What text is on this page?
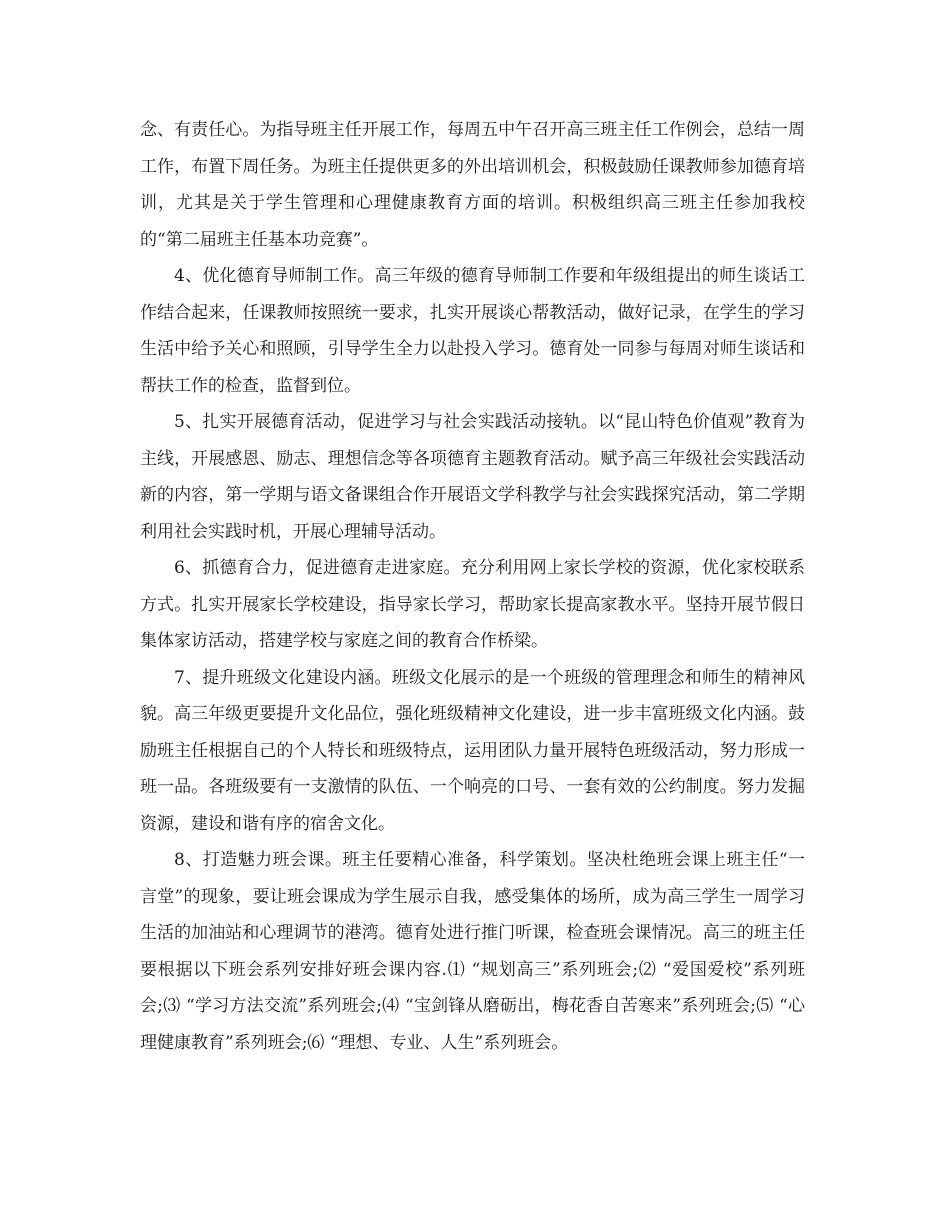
念、有责任心。为指导班主任开展工作，每周五中午召开高三班主任工作例会，总结一周工作，布置下周任务。为班主任提供更多的外出培训机会，积极鼓励任课教师参加德育培训，尤其是关于学生管理和心理健康教育方面的培训。积极组织高三班主任参加我校的“第二届班主任基本功竞赛”。

4、优化德育导师制工作。高三年级的德育导师制工作要和年级组提出的师生谈话工作结合起来，任课教师按照统一要求，扎实开展谈心帮教活动，做好记录，在学生的学习生活中给予关心和照顾，引导学生全力以赴投入学习。德育处一同参与每周对师生谈话和帮扶工作的检查，监督到位。

5、扎实开展德育活动，促进学习与社会实践活动接轨。以“昆山特色价值观”教育为主线，开展感恩、励志、理想信念等各项德育主题教育活动。赋予高三年级社会实践活动新的内容，第一学期与语文备课组合作开展语文学科教学与社会实践探究活动，第二学期利用社会实践时机，开展心理辅导活动。

6、抓德育合力，促进德育走进家庭。充分利用网上家长学校的资源，优化家校联系方式。扎实开展家长学校建设，指导家长学习，帮助家长提高家教水平。坚持开展节假日集体家访活动，搭建学校与家庭之间的教育合作桥梁。

7、提升班级文化建设内涵。班级文化展示的是一个班级的管理理念和师生的精神风貌。高三年级更要提升文化品位，强化班级精神文化建设，进一步丰富班级文化内涵。鼓励班主任根据自己的个人特长和班级特点，运用团队力量开展特色班级活动，努力形成一班一品。各班级要有一支激情的队伍、一个响亮的口号、一套有效的公约制度。努力发掘资源，建设和谐有序的宿舍文化。

8、打造魅力班会课。班主任要精心准备，科学策划。坚决杜绝班会课上班主任“一言堂”的现象，要让班会课成为学生展示自我，感受集体的场所，成为高三学生一周学习生活的加油站和心理调节的港湾。德育处进行推门听课，检查班会课情况。高三的班主任要根据以下班会系列安排好班会课内容.⑴ “规划高三”系列班会;⑵ “爱国爱校”系列班会;⑶ “学习方法交流”系列班会;⑷ “宝剑锋从磨砺出，梅花香自苦寒来”系列班会;⑸ “心理健康教育”系列班会;⑹ “理想、专业、人生”系列班会。
